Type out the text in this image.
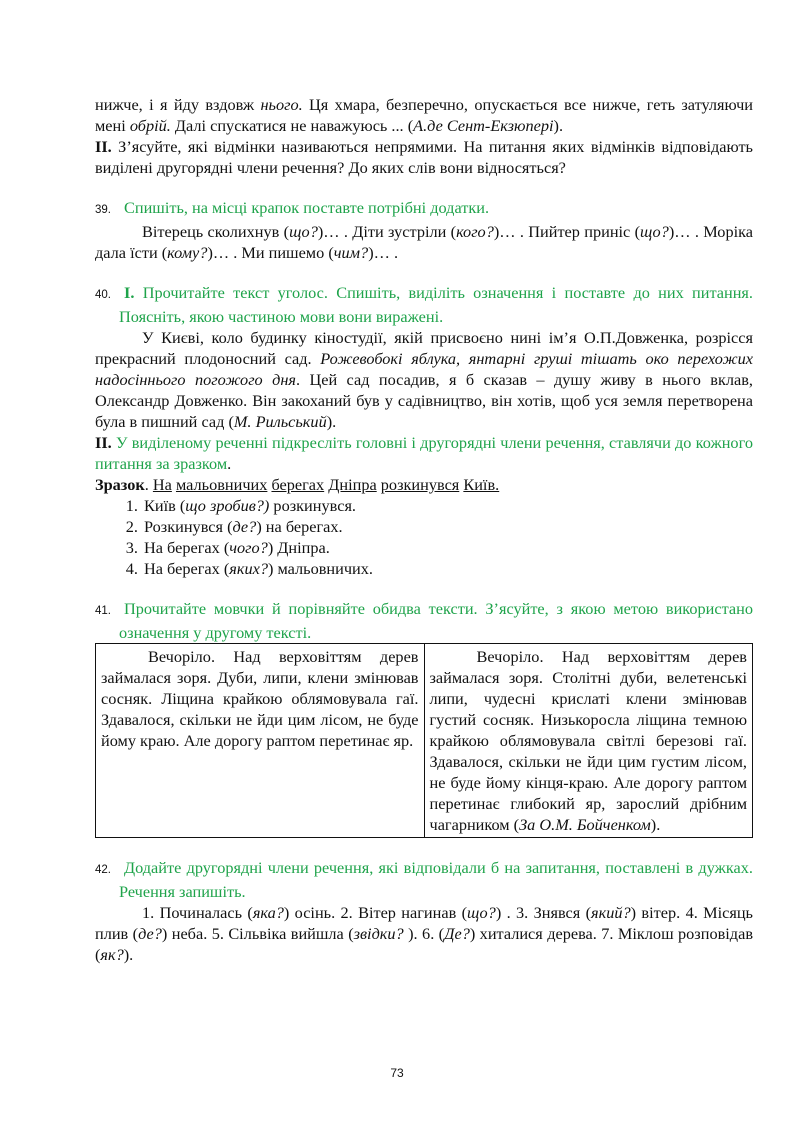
нижче, і я йду вздовж нього. Ця хмара, безперечно, опускається все нижче, геть затуляючи мені обрій. Далі спускатися не наважуюсь ... (А.де Сент-Екзюпері).

ІІ. З’ясуйте, які відмінки називаються непрямими. На питання яких відмінків відповідають виділені другорядні члени речення? До яких слів вони відносяться?

39. Спишіть, на місці крапок поставте потрібні додатки.

Вітерець сколихнув (що?)… . Діти зустріли (кого?)… . Пийтер приніс (що?)… . Моріка дала їсти (кому?)… . Ми пишемо (чим?)… .

40. І. Прочитайте текст уголос. Спишіть, виділіть означення і поставте до них питання. Поясніть, якою частиною мови вони виражені.

У Києві, коло будинку кіностудії, якій присвоєно нині ім’я О.П.Довженка, розрісся прекрасний плодоносний сад. Рожевобокі яблука, янтарні груші тішать око перехожих надосіннього погожого дня. Цей сад посадив, я б сказав – душу живу в нього вклав, Олександр Довженко. Він закоханий був у садівництво, він хотів, щоб уся земля перетворена була в пишний сад (М. Рильський).

ІІ. У виділеному реченні підкресліть головні і другорядні члени речення, ставлячи до кожного питання за зразком.

Зразок. На мальовничих берегах Дніпра розкинувся Київ.

1. Київ (що зробив?) розкинувся.
2. Розкинувся (де?) на берегах.
3. На берегах (чого?) Дніпра.
4. На берегах (яких?) мальовничих.

41. Прочитайте мовчки й порівняйте обидва тексти. З’ясуйте, з якою метою використано означення у другому тексті.

Вечоріло. Над верховіттям дерев займалася зоря. Дуби, липи, клени змінював сосняк. Ліщина крайкою облямовувала гаї. Здавалося, скільки не йди цим лісом, не буде йому краю. Але дорогу раптом перетинає яр.

Вечоріло. Над верховіттям дерев займалася зоря. Столітні дуби, велетенські липи, чудесні крислаті клени змінював густий сосняк. Низькоросла ліщина темною крайкою облямовувала світлі березові гаї. Здавалося, скільки не йди цим густим лісом, не буде йому кінця-краю. Але дорогу раптом перетинає глибокий яр, зарослий дрібним чагарником (За О.М. Бойченком).

42. Додайте другорядні члени речення, які відповідали б на запитання, поставлені в дужках. Речення запишіть.

1. Починалась (яка?) осінь. 2. Вітер нагинав (що?) . 3. Знявся (який?) вітер. 4. Місяць плив (де?) неба. 5. Сільвіка вийшла (звідки? ). 6. (Де?) хиталися дерева. 7. Міклош розповідав (як?).

73
